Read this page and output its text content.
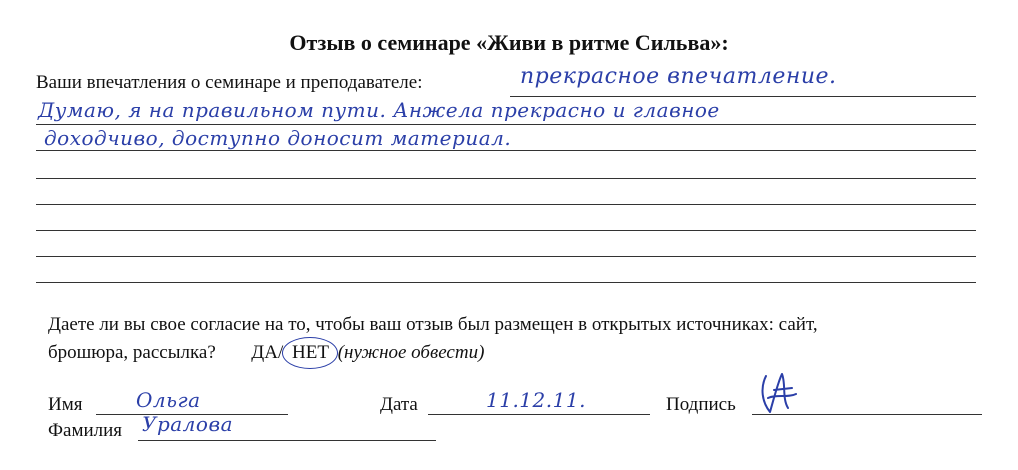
Отзыв о семинаре «Живи в ритме Сильва»:
Ваши впечатления о семинаре и преподавателе:	прекрасное впечатление.
Думаю, я на правильном пути. Анжела прекрасно и главное
доходчиво, доступно доносит материал.
Даете ли вы свое согласие на то, чтобы ваш отзыв был размещен в открытых источниках: сайт,
брошюра, рассылка? ДА/ НЕТ (нужное обвести)
Имя	Ольга	Дата	11.12.11.	Подпись
Фамилия Уралова
